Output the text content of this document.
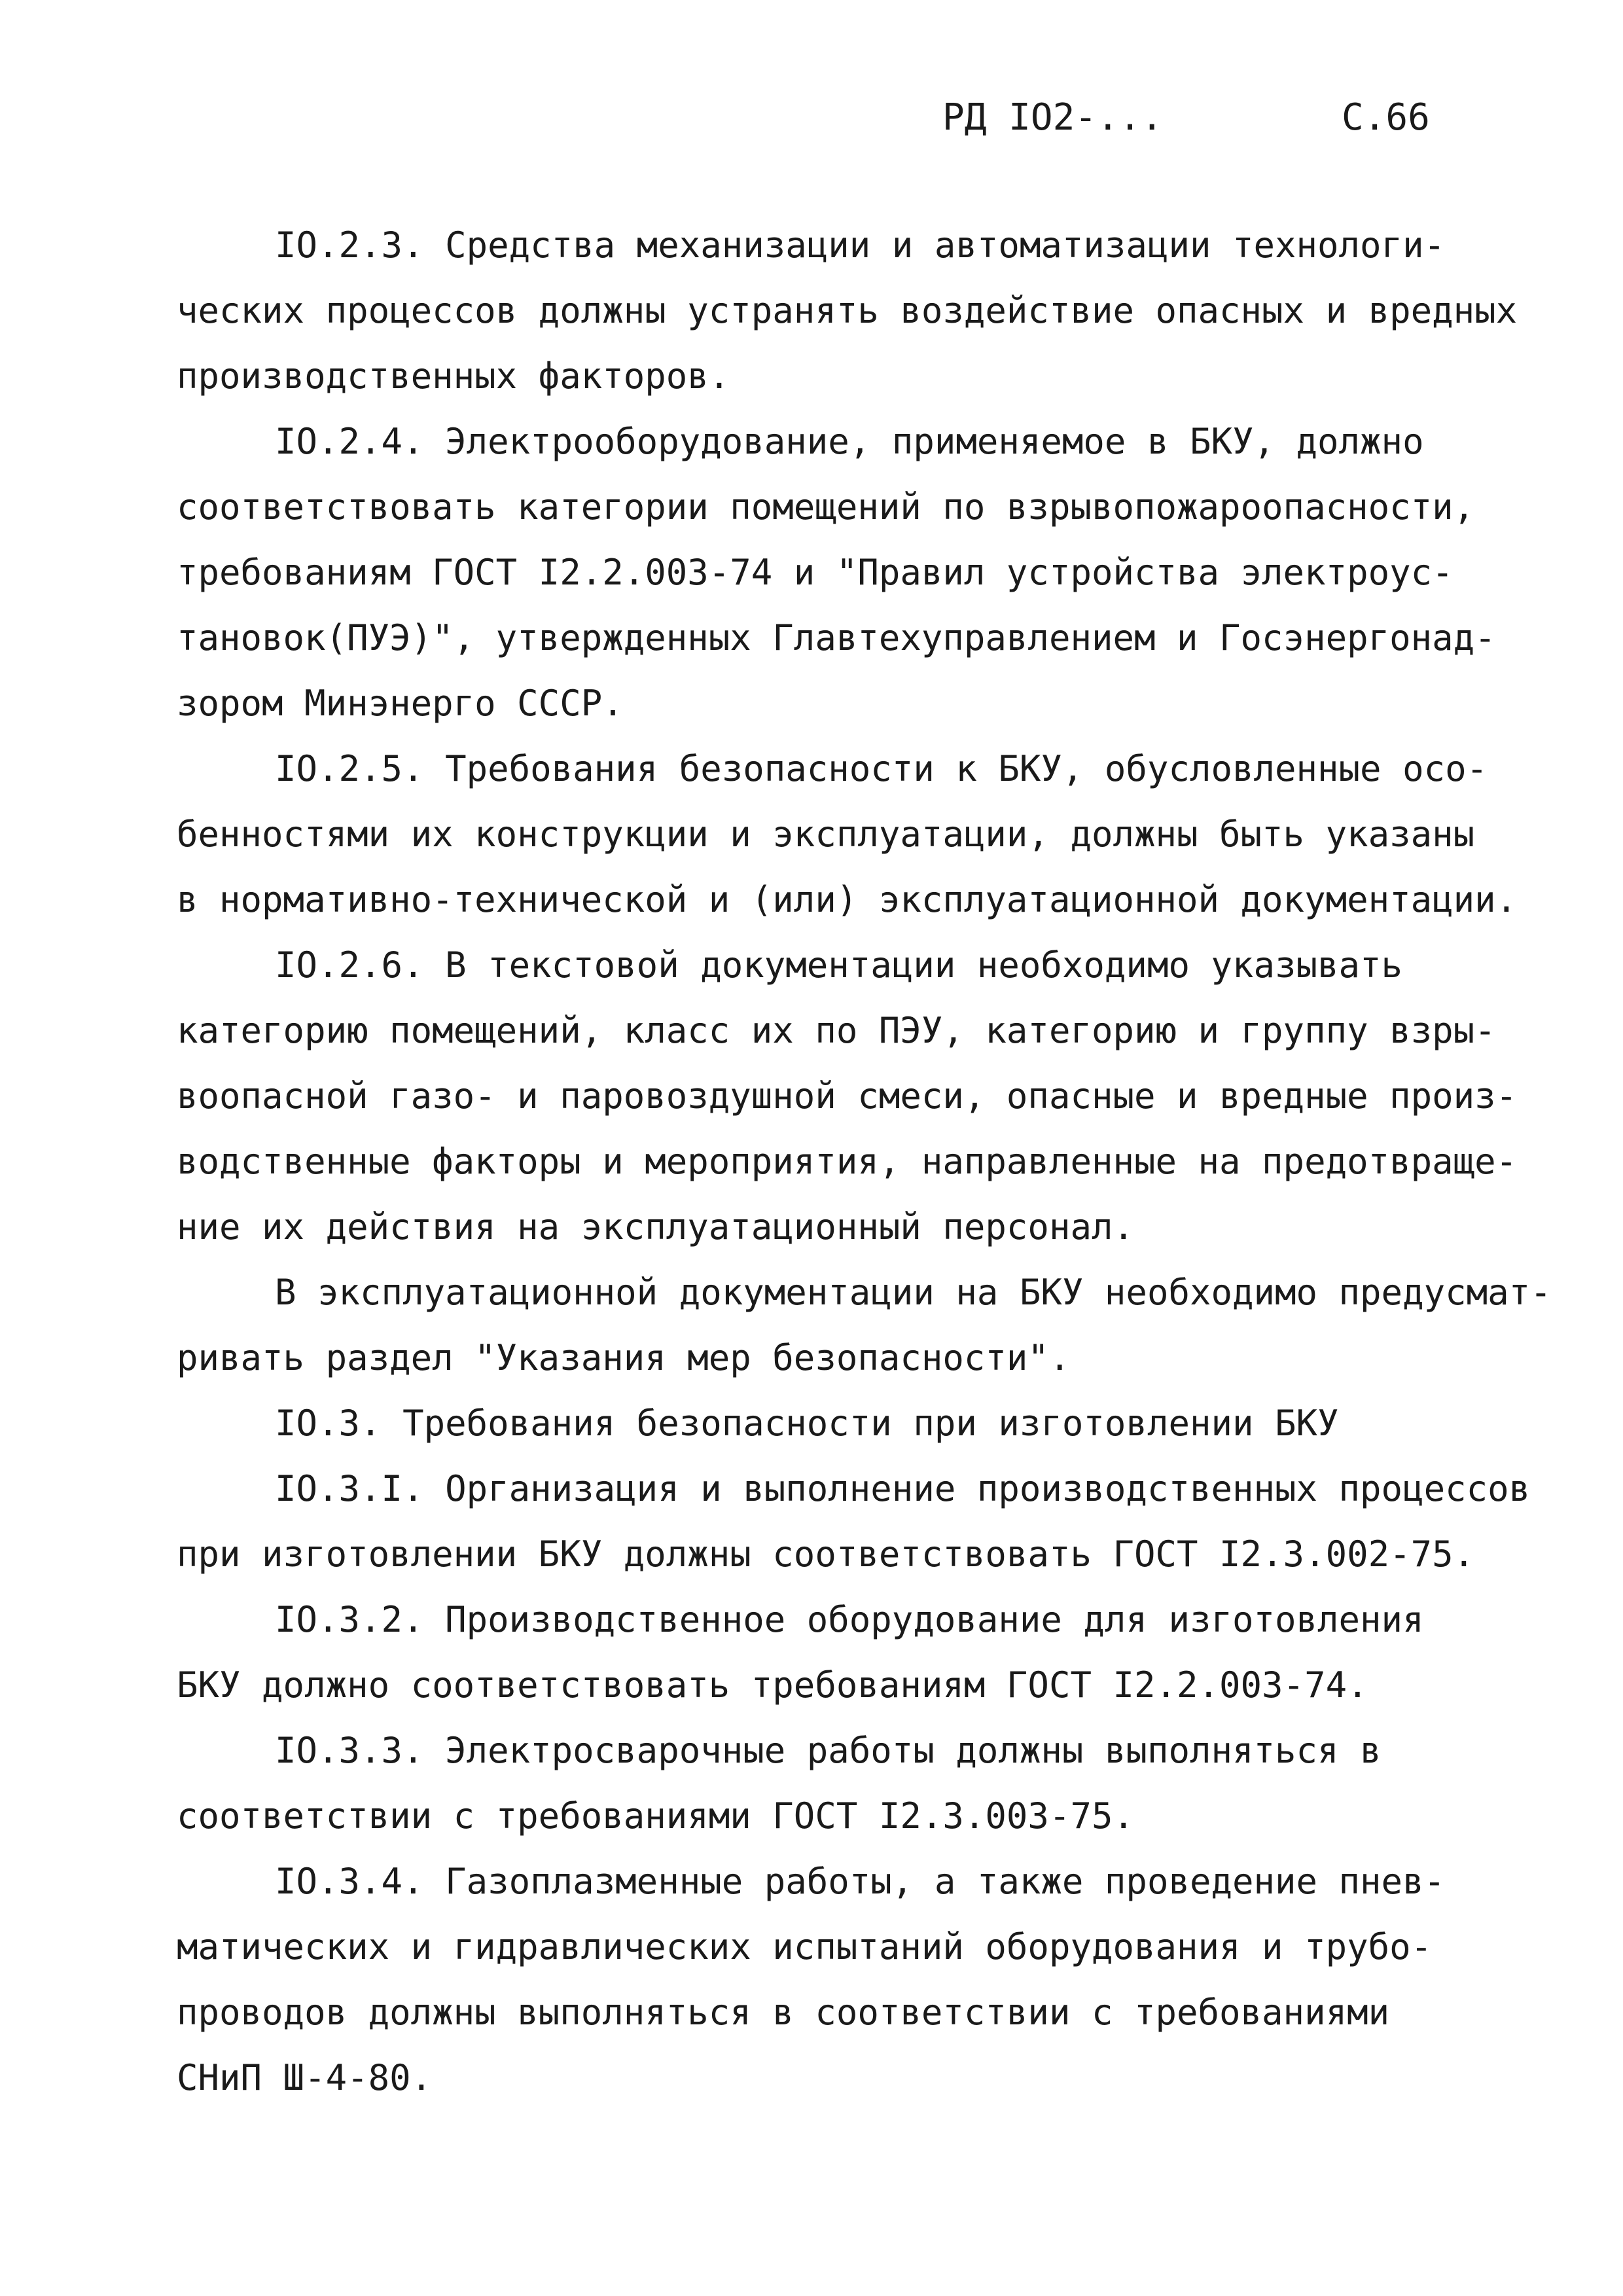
РД IO2-...	С.66
IO.2.3. Средства механизации и автоматизации технологи-
ческих процессов должны устранять воздействие опасных и вредных
производственных факторов.
IO.2.4. Электрооборудование, применяемое в БКУ, должно
соответствовать категории помещений по взрывопожароопасности,
требованиям ГОСТ I2.2.003-74 и "Правил устройства электроус-
тановок(ПУЭ)", утвержденных Главтехуправлением и Госэнергонад-
зором Минэнерго СССР.
IO.2.5. Требования безопасности к БКУ, обусловленные осо-
бенностями их конструкции и эксплуатации, должны быть указаны
в нормативно-технической и (или) эксплуатационной документации.
IO.2.6. В текстовой документации необходимо указывать
категорию помещений, класс их по ПЭУ, категорию и группу взры-
воопасной газо- и паровоздушной смеси, опасные и вредные произ-
водственные факторы и мероприятия, направленные на предотвраще-
ние их действия на эксплуатационный персонал.
В эксплуатационной документации на БКУ необходимо предусмат-
ривать раздел "Указания мер безопасности".
IO.3. Требования безопасности при изготовлении БКУ
IO.3.I. Организация и выполнение производственных процессов
при изготовлении БКУ должны соответствовать ГОСТ I2.3.002-75.
IO.3.2. Производственное оборудование для изготовления
БКУ должно соответствовать требованиям ГОСТ I2.2.003-74.
IO.3.3. Электросварочные работы должны выполняться в
соответствии с требованиями ГОСТ I2.3.003-75.
IO.3.4. Газоплазменные работы, а также проведение пнев-
матических и гидравлических испытаний оборудования и трубо-
проводов должны выполняться в соответствии с требованиями
СНиП Ш-4-80.
